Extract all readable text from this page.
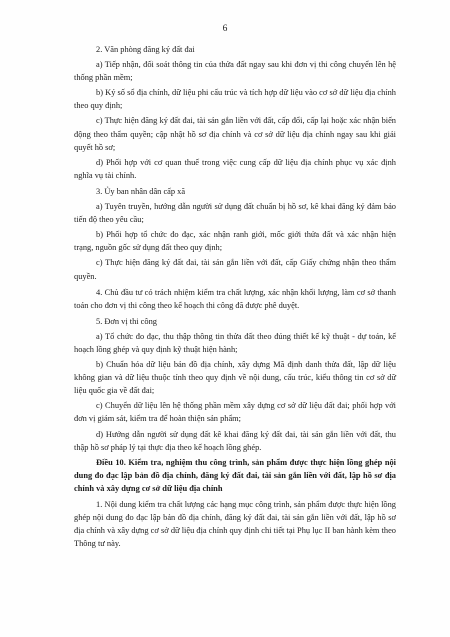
6

2. Văn phòng đăng ký đất đai

a) Tiếp nhận, đối soát thông tin của thửa đất ngay sau khi đơn vị thi công chuyển lên hệ thống phần mềm;

b) Ký số sổ địa chính, dữ liệu phi cấu trúc và tích hợp dữ liệu vào cơ sở dữ liệu địa chính theo quy định;

c) Thực hiện đăng ký đất đai, tài sản gắn liền với đất, cấp đổi, cấp lại hoặc xác nhận biến động theo thẩm quyền; cập nhật hồ sơ địa chính và cơ sở dữ liệu địa chính ngay sau khi giải quyết hồ sơ;

d) Phối hợp với cơ quan thuế trong việc cung cấp dữ liệu địa chính phục vụ xác định nghĩa vụ tài chính.

3. Ủy ban nhân dân cấp xã

a) Tuyên truyền, hướng dẫn người sử dụng đất chuẩn bị hồ sơ, kê khai đăng ký đảm bảo tiến độ theo yêu cầu;

b) Phối hợp tổ chức đo đạc, xác nhận ranh giới, mốc giới thửa đất và xác nhận hiện trạng, nguồn gốc sử dụng đất theo quy định;

c) Thực hiện đăng ký đất đai, tài sản gắn liền với đất, cấp Giấy chứng nhận theo thẩm quyền.

4. Chủ đầu tư có trách nhiệm kiểm tra chất lượng, xác nhận khối lượng, làm cơ sở thanh toán cho đơn vị thi công theo kế hoạch thi công đã được phê duyệt.

5. Đơn vị thi công

a) Tổ chức đo đạc, thu thập thông tin thửa đất theo đúng thiết kế kỹ thuật - dự toán, kế hoạch lồng ghép và quy định kỹ thuật hiện hành;

b) Chuẩn hóa dữ liệu bản đồ địa chính, xây dựng Mã định danh thửa đất, lập dữ liệu không gian và dữ liệu thuộc tính theo quy định về nội dung, cấu trúc, kiểu thông tin cơ sở dữ liệu quốc gia về đất đai;

c) Chuyển dữ liệu lên hệ thống phần mềm xây dựng cơ sở dữ liệu đất đai; phối hợp với đơn vị giám sát, kiểm tra để hoàn thiện sản phẩm;

d) Hướng dẫn người sử dụng đất kê khai đăng ký đất đai, tài sản gắn liền với đất, thu thập hồ sơ pháp lý tại thực địa theo kế hoạch lồng ghép.

Điều 10. Kiểm tra, nghiệm thu công trình, sản phẩm được thực hiện lồng ghép nội dung đo đạc lập bản đồ địa chính, đăng ký đất đai, tài sản gắn liền với đất, lập hồ sơ địa chính và xây dựng cơ sở dữ liệu địa chính

1. Nội dung kiểm tra chất lượng các hạng mục công trình, sản phẩm được thực hiện lồng ghép nội dung đo đạc lập bản đồ địa chính, đăng ký đất đai, tài sản gắn liền với đất, lập hồ sơ địa chính và xây dựng cơ sở dữ liệu địa chính quy định chi tiết tại Phụ lục II ban hành kèm theo Thông tư này.
